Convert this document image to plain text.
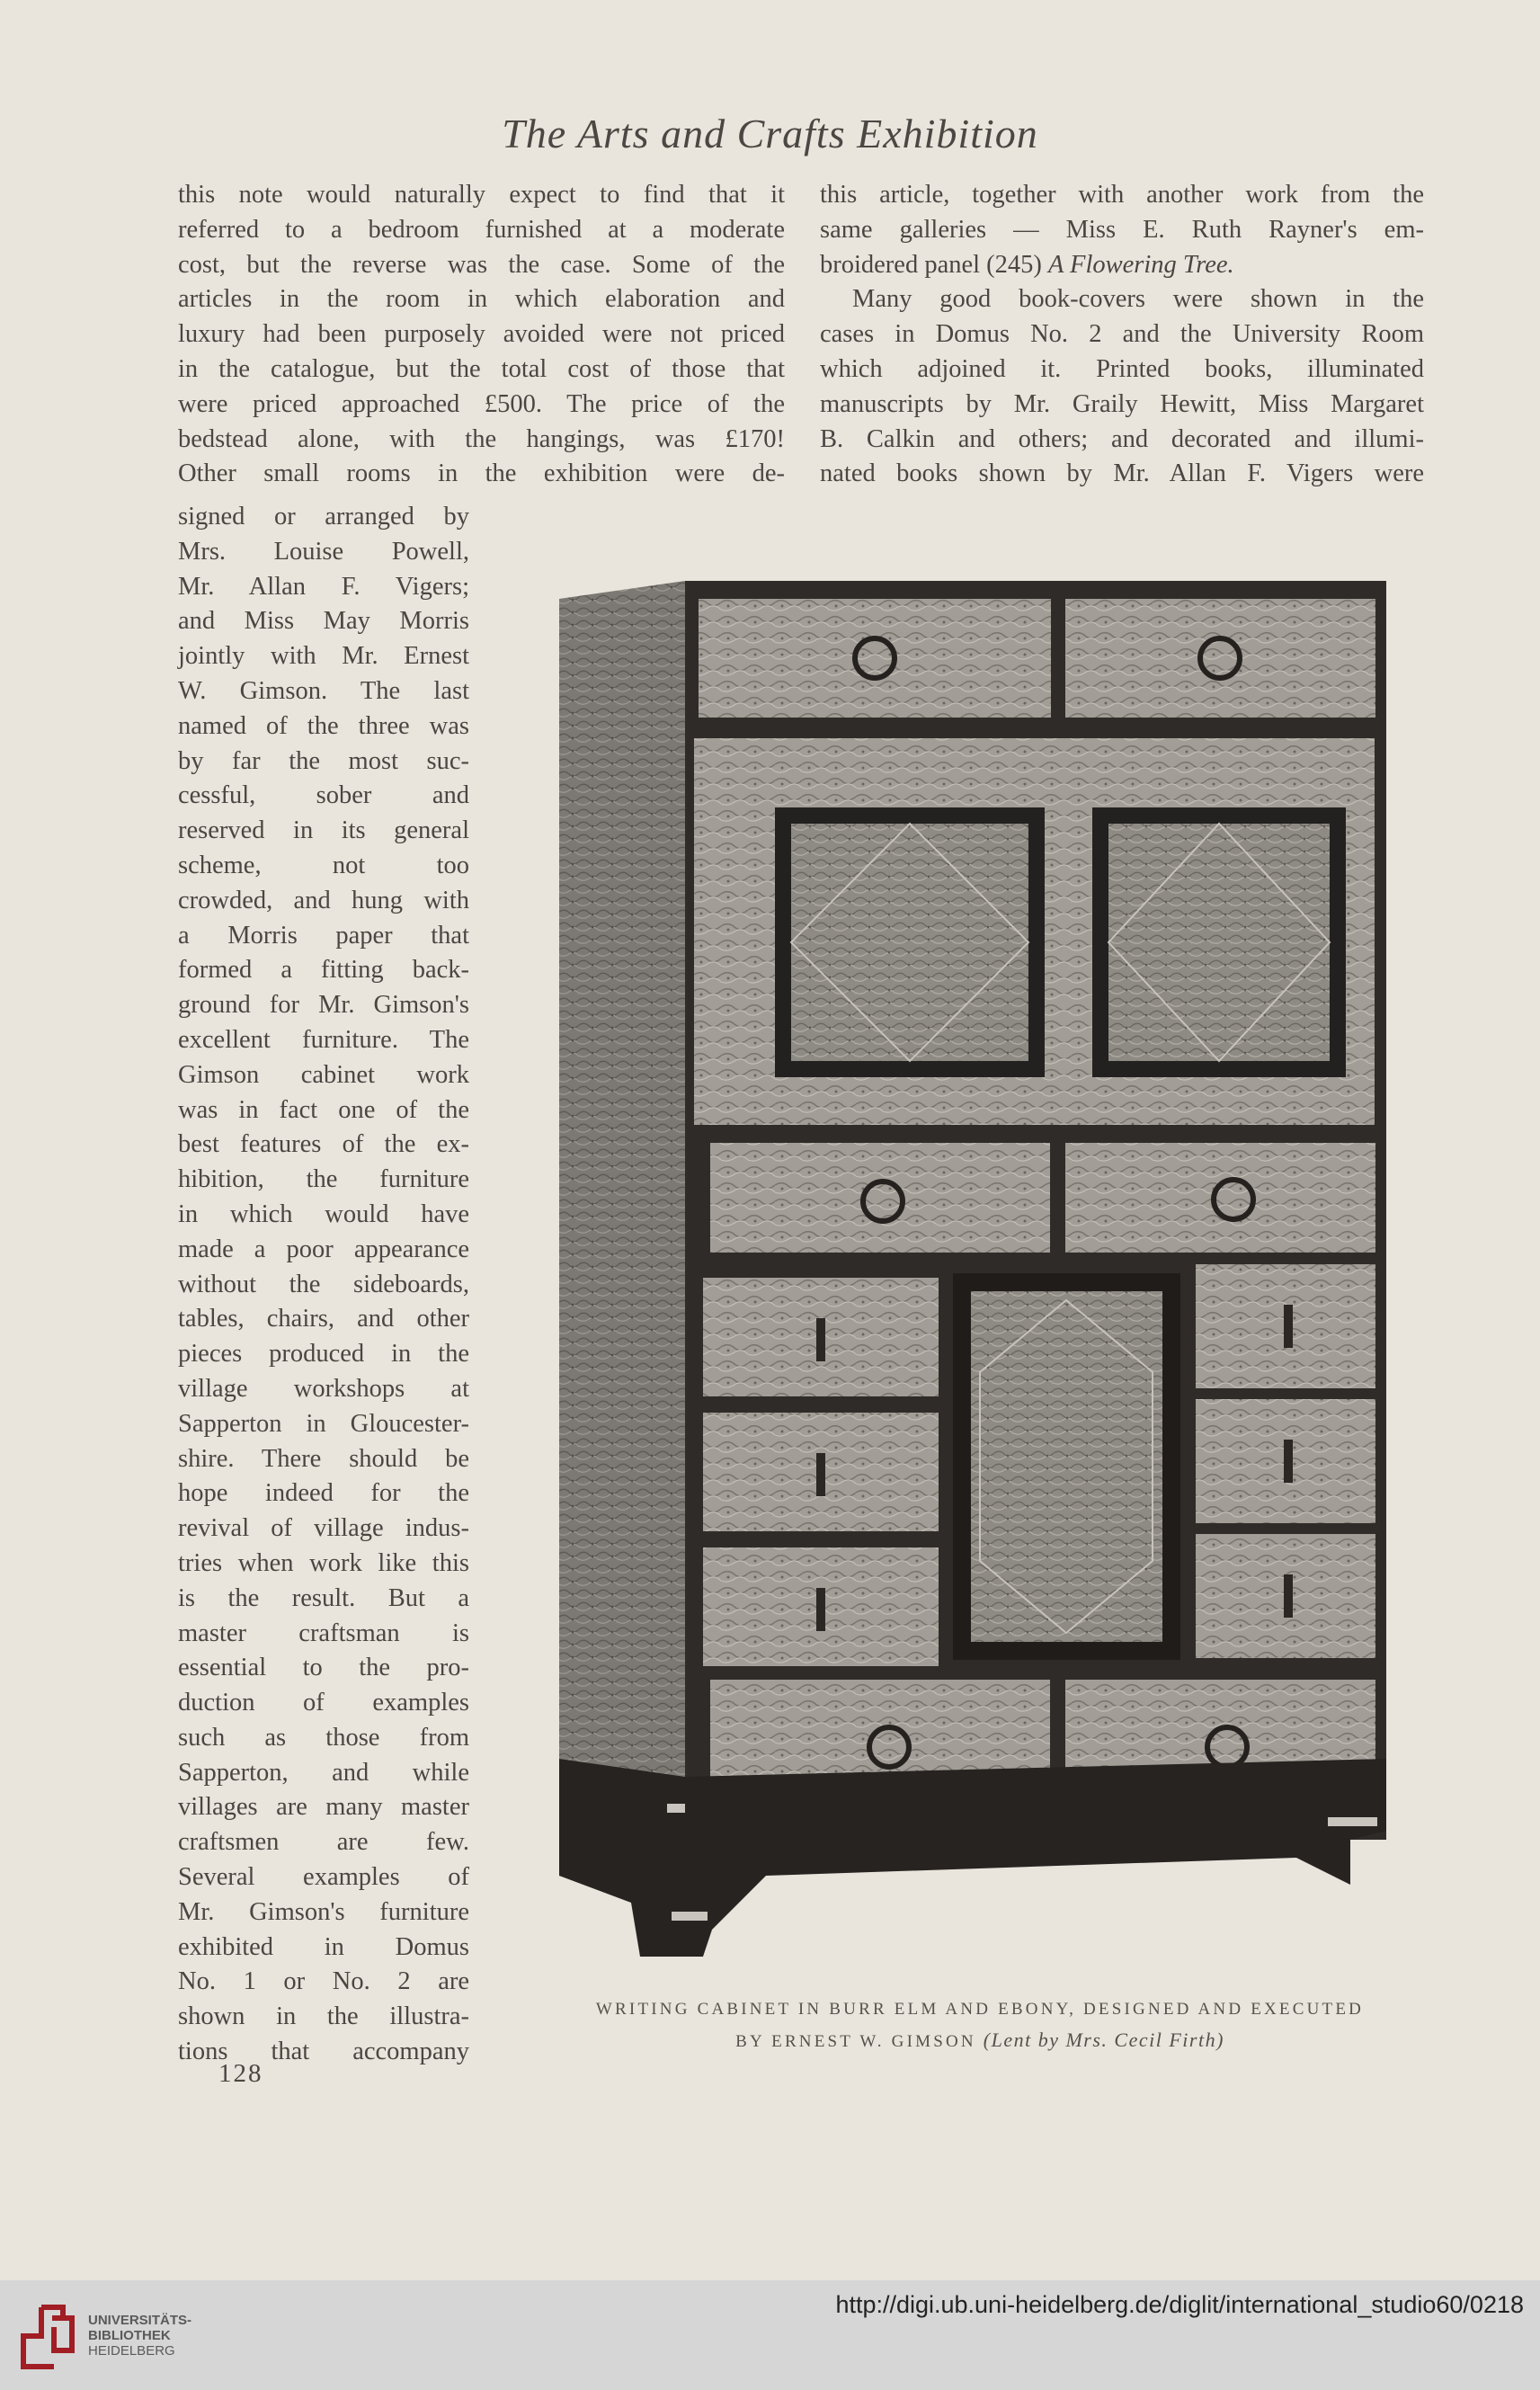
The Arts and Crafts Exhibition
this note would naturally expect to find that it
referred to a bedroom furnished at a moderate
cost, but the reverse was the case. Some of the
articles in the room in which elaboration and
luxury had been purposely avoided were not priced
in the catalogue, but the total cost of those that
were priced approached £500. The price of the
bedstead alone, with the hangings, was £170!
Other small rooms in the exhibition were de-
signed or arranged by
Mrs. Louise Powell,
Mr. Allan F. Vigers;
and Miss May Morris
jointly with Mr. Ernest
W. Gimson. The last
named of the three was
by far the most suc-
cessful, sober and
reserved in its general
scheme, not too
crowded, and hung with
a Morris paper that
formed a fitting back-
ground for Mr. Gimson's
excellent furniture. The
Gimson cabinet work
was in fact one of the
best features of the ex-
hibition, the furniture
in which would have
made a poor appearance
without the sideboards,
tables, chairs, and other
pieces produced in the
village workshops at
Sapperton in Gloucester-
shire. There should be
hope indeed for the
revival of village indus-
tries when work like this
is the result. But a
master craftsman is
essential to the pro-
duction of examples
such as those from
Sapperton, and while
villages are many master
craftsmen are few.
Several examples of
Mr. Gimson's furniture
exhibited in Domus
No. 1 or No. 2 are
shown in the illustra-
tions that accompany
this article, together with another work from the
same galleries — Miss E. Ruth Rayner's em-
broidered panel (245) A Flowering Tree.
Many good book-covers were shown in the
cases in Domus No. 2 and the University Room
which adjoined it. Printed books, illuminated
manuscripts by Mr. Graily Hewitt, Miss Margaret
B. Calkin and others; and decorated and illumi-
nated books shown by Mr. Allan F. Vigers were
WRITING CABINET IN BURR ELM AND EBONY, DESIGNED AND EXECUTED
BY ERNEST W. GIMSON (Lent by Mrs. Cecil Firth)
128
UNIVERSITÄTS-
BIBLIOTHEK
HEIDELBERG
http://digi.ub.uni-heidelberg.de/diglit/international_studio60/0218
